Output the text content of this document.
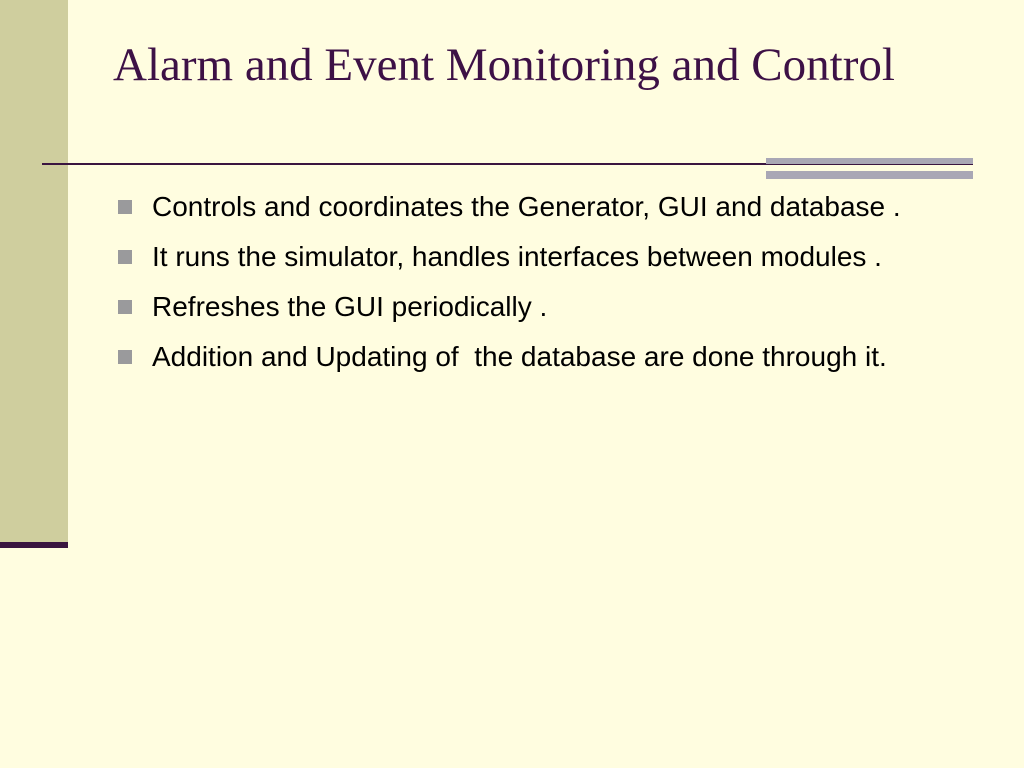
Alarm and Event Monitoring and Control
Controls and coordinates the Generator, GUI and database .
It runs the simulator, handles interfaces between modules .
Refreshes the GUI periodically .
Addition and Updating of  the database are done through it.
